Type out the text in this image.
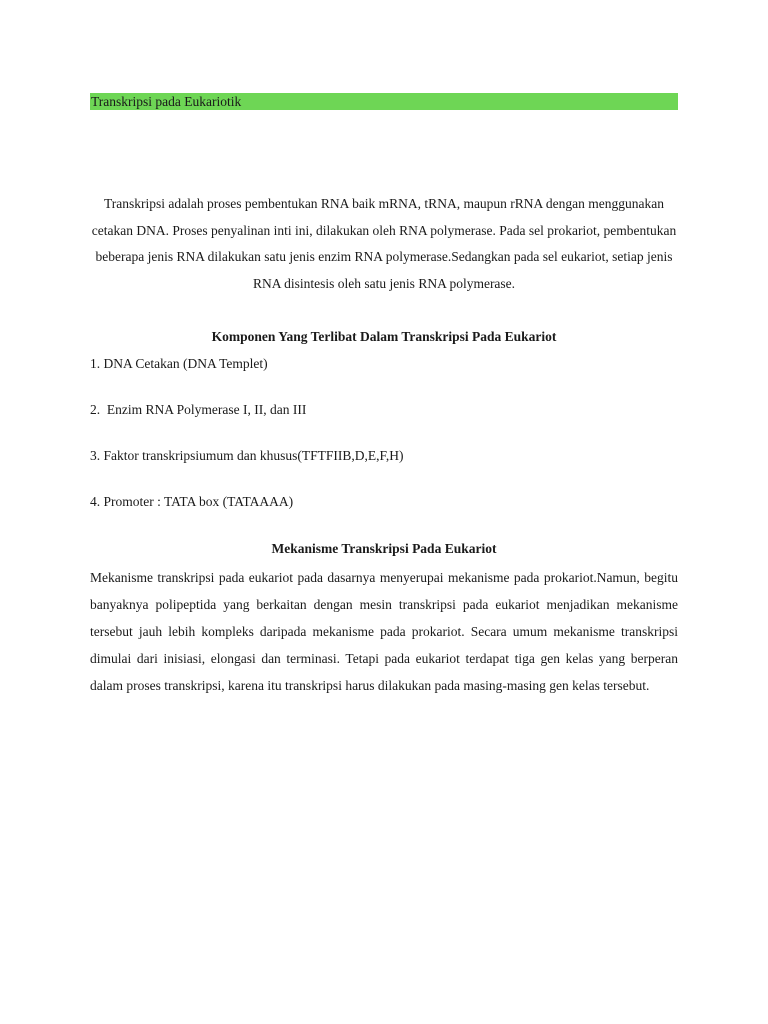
Transkripsi pada Eukariotik

Transkripsi adalah proses pembentukan RNA baik mRNA, tRNA, maupun rRNA dengan menggunakan cetakan DNA. Proses penyalinan inti ini, dilakukan oleh RNA polymerase. Pada sel prokariot, pembentukan beberapa jenis RNA dilakukan satu jenis enzim RNA polymerase.Sedangkan pada sel eukariot, setiap jenis RNA disintesis oleh satu jenis RNA polymerase.

Komponen Yang Terlibat Dalam Transkripsi Pada Eukariot

1. DNA Cetakan (DNA Templet)

2.  Enzim RNA Polymerase I, II, dan III

3. Faktor transkripsiumum dan khusus(TFTFIIB,D,E,F,H)

4. Promoter : TATA box (TATAAAA)

Mekanisme Transkripsi Pada Eukariot

Mekanisme transkripsi pada eukariot pada dasarnya menyerupai mekanisme pada prokariot.Namun, begitu banyaknya polipeptida yang berkaitan dengan mesin transkripsi pada eukariot menjadikan mekanisme tersebut jauh lebih kompleks daripada mekanisme pada prokariot. Secara umum mekanisme transkripsi dimulai dari inisiasi, elongasi dan terminasi. Tetapi pada eukariot terdapat tiga gen kelas yang berperan dalam proses transkripsi, karena itu transkripsi harus dilakukan pada masing-masing gen kelas tersebut.
